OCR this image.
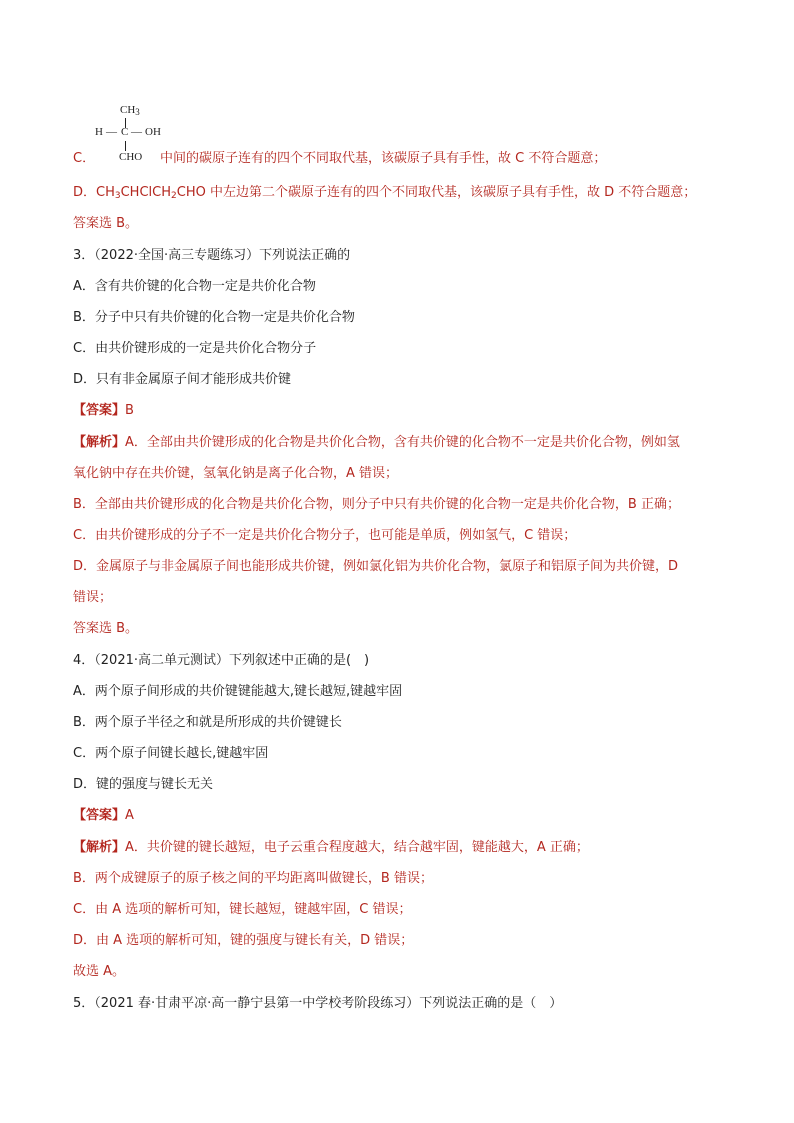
$CH_3$
H — C — OH
CHO
C．	中间的碳原子连有的四个不同取代基，该碳原子具有手性，故 C 不符合题意；
D．$CH_3CHClCH_2CHO$ 中左边第二个碳原子连有的四个不同取代基，该碳原子具有手性，故 D 不符合题意；
答案选 B。
3．（2022·全国·高三专题练习）下列说法正确的
A．含有共价键的化合物一定是共价化合物
B．分子中只有共价键的化合物一定是共价化合物
C．由共价键形成的一定是共价化合物分子
D．只有非金属原子间才能形成共价键
【答案】B
【解析】A．全部由共价键形成的化合物是共价化合物，含有共价键的化合物不一定是共价化合物，例如氢
氧化钠中存在共价键，氢氧化钠是离子化合物，A 错误；
B．全部由共价键形成的化合物是共价化合物，则分子中只有共价键的化合物一定是共价化合物，B 正确；
C．由共价键形成的分子不一定是共价化合物分子，也可能是单质，例如氢气，C 错误；
D．金属原子与非金属原子间也能形成共价键，例如氯化铝为共价化合物，氯原子和铝原子间为共价键，D
错误；
答案选 B。
4．（2021·高二单元测试）下列叙述中正确的是(　)
A．两个原子间形成的共价键键能越大,键长越短,键越牢固
B．两个原子半径之和就是所形成的共价键键长
C．两个原子间键长越长,键越牢固
D．键的强度与键长无关
【答案】A
【解析】A．共价键的键长越短，电子云重合程度越大，结合越牢固，键能越大，A 正确；
B．两个成键原子的原子核之间的平均距离叫做键长，B 错误；
C．由 A 选项的解析可知，键长越短，键越牢固，C 错误；
D．由 A 选项的解析可知，键的强度与键长有关，D 错误；
故选 A。
5．（2021 春·甘肃平凉·高一静宁县第一中学校考阶段练习）下列说法正确的是（　）
